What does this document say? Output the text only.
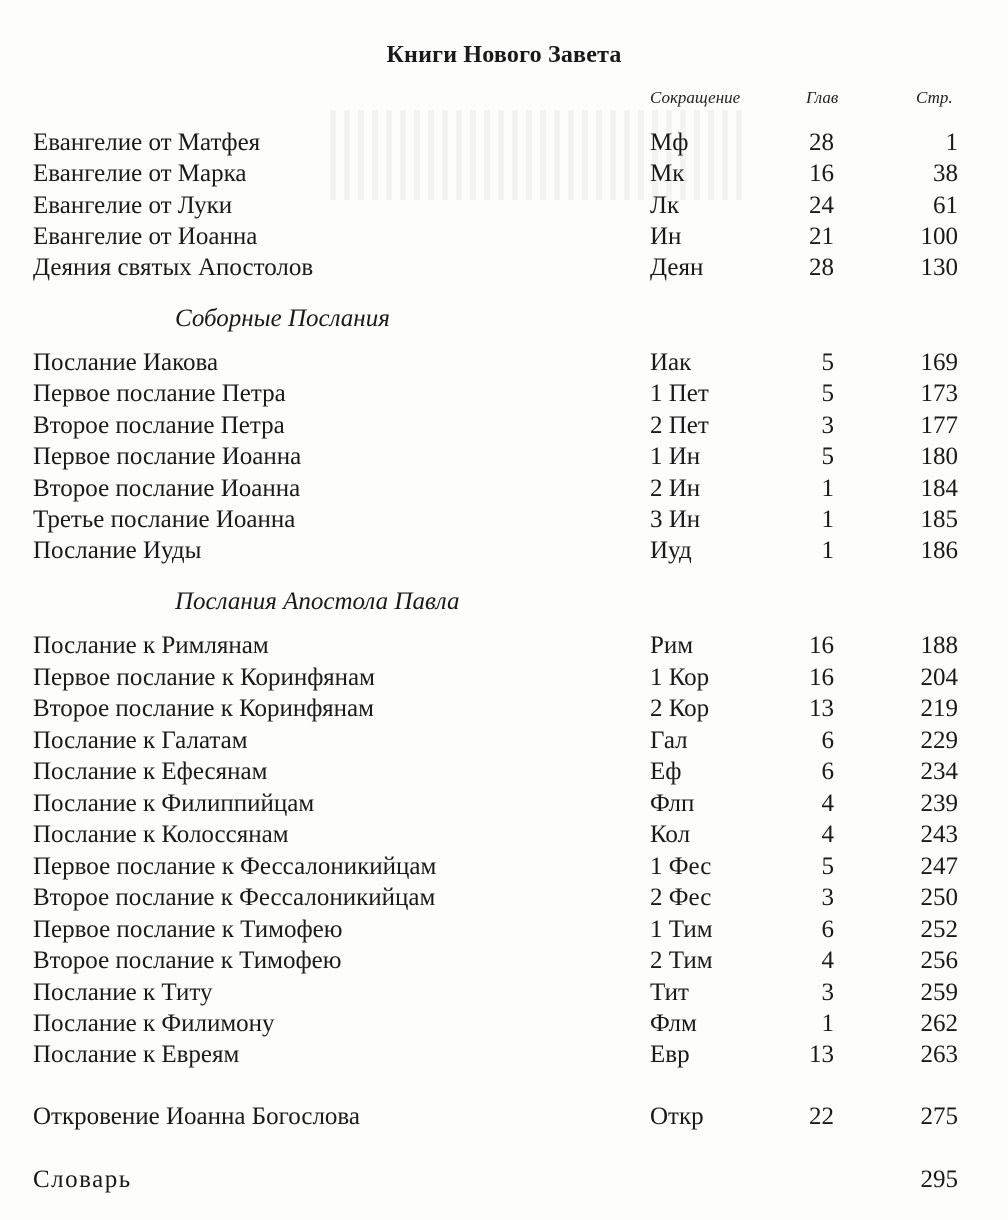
Книги Нового Завета
Сокращение	Глав	Стр.
Евангелие от Матфея	Мф	28	1
Евангелие от Марка	Мк	16	38
Евангелие от Луки	Лк	24	61
Евангелие от Иоанна	Ин	21	100
Деяния святых Апостолов	Деян	28	130
Соборные Послания
Послание Иакова	Иак	5	169
Первое послание Петра	1 Пет	5	173
Второе послание Петра	2 Пет	3	177
Первое послание Иоанна	1 Ин	5	180
Второе послание Иоанна	2 Ин	1	184
Третье послание Иоанна	3 Ин	1	185
Послание Иуды	Иуд	1	186
Послания Апостола Павла
Послание к Римлянам	Рим	16	188
Первое послание к Коринфянам	1 Кор	16	204
Второе послание к Коринфянам	2 Кор	13	219
Послание к Галатам	Гал	6	229
Послание к Ефесянам	Еф	6	234
Послание к Филиппийцам	Флп	4	239
Послание к Колоссянам	Кол	4	243
Первое послание к Фессалоникийцам	1 Фес	5	247
Второе послание к Фессалоникийцам	2 Фес	3	250
Первое послание к Тимофею	1 Тим	6	252
Второе послание к Тимофею	2 Тим	4	256
Послание к Титу	Тит	3	259
Послание к Филимону	Флм	1	262
Послание к Евреям	Евр	13	263
Откровение Иоанна Богослова	Откр	22	275
Словарь	295
